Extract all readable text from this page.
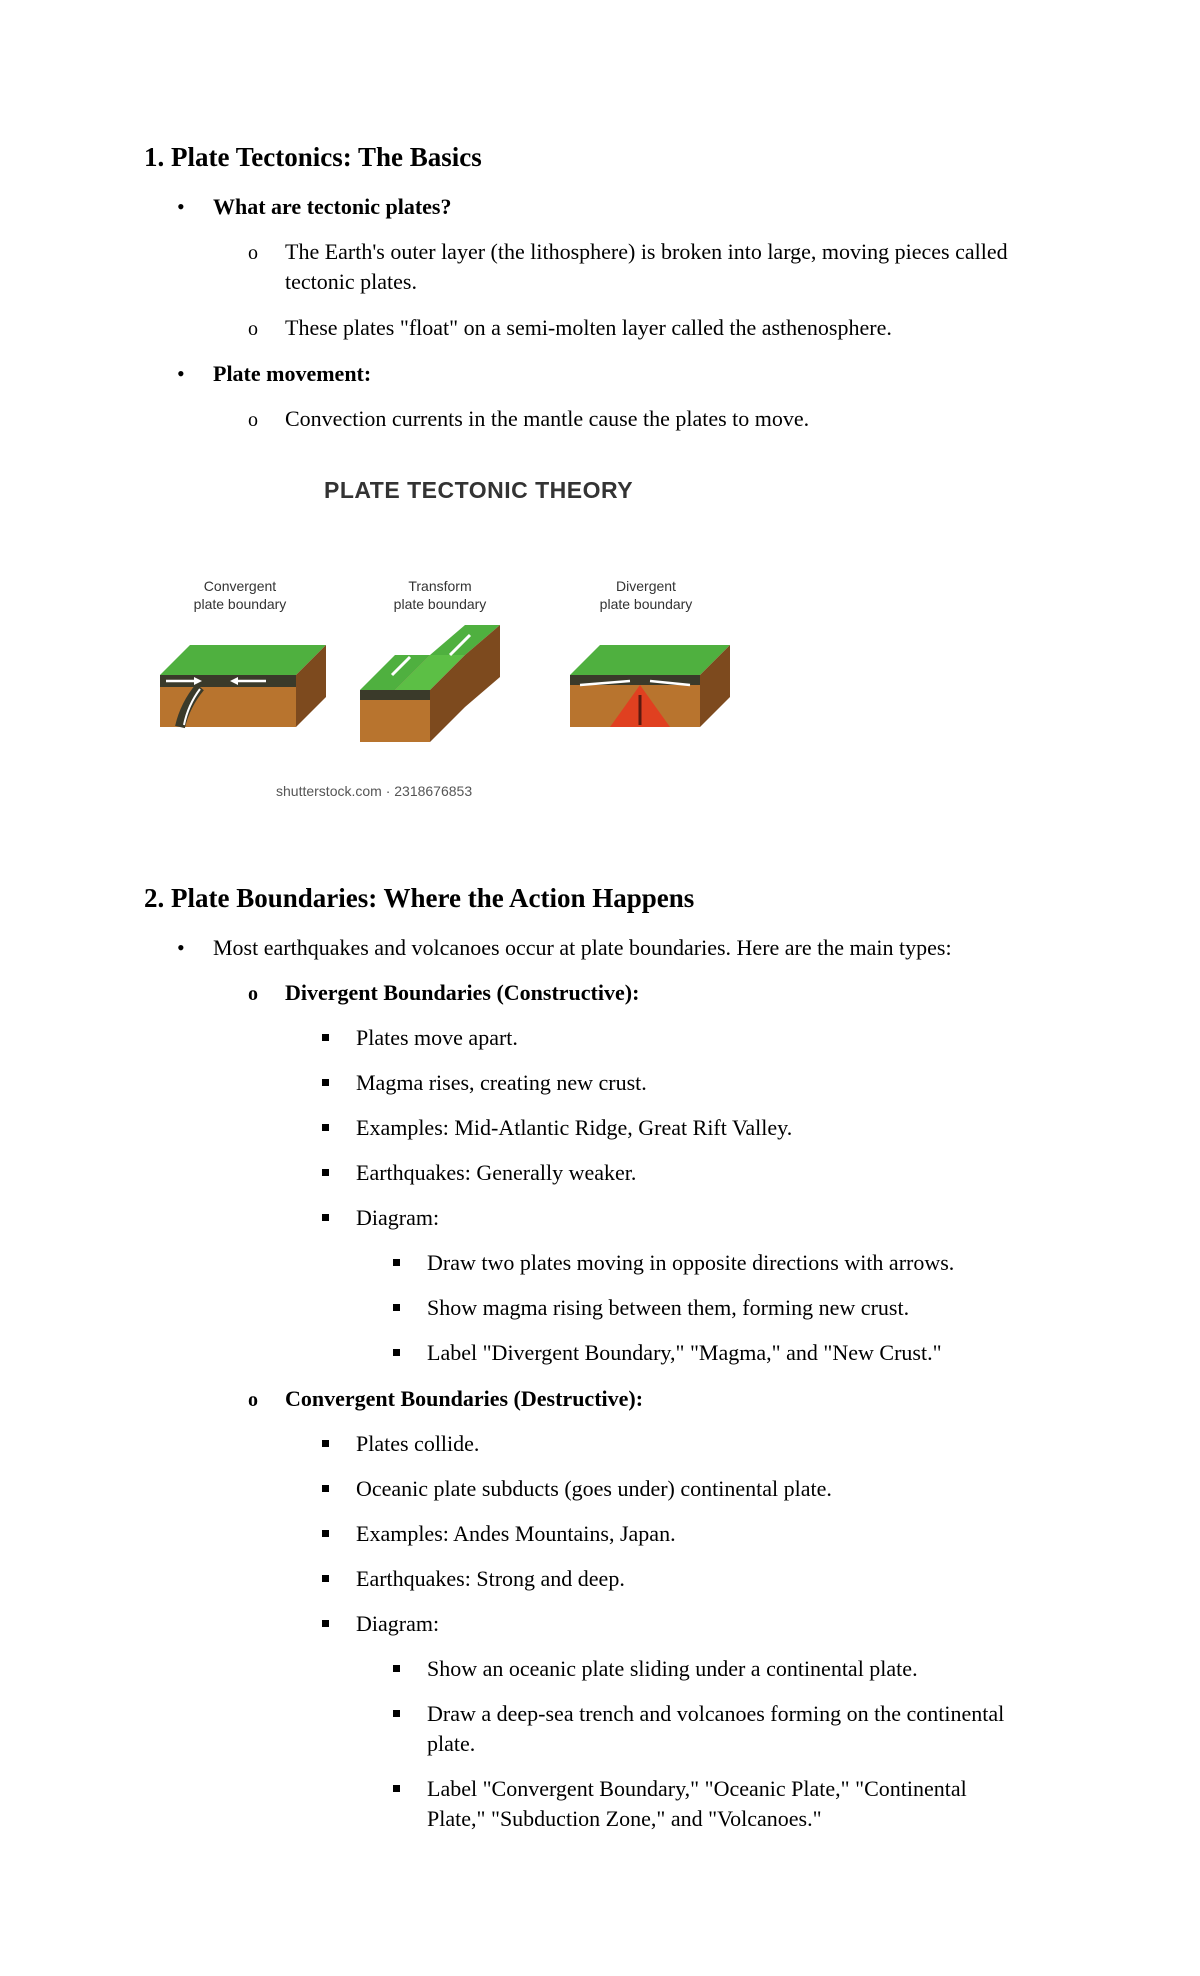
1. Plate Tectonics: The Basics
• What are tectonic plates?
o The Earth's outer layer (the lithosphere) is broken into large, moving pieces called
tectonic plates.
o These plates "float" on a semi-molten layer called the asthenosphere.
• Plate movement:
o Convection currents in the mantle cause the plates to move.
PLATE TECTONIC THEORY
Convergent
plate boundary
Transform
plate boundary
Divergent
plate boundary
shutterstock.com · 2318676853
2. Plate Boundaries: Where the Action Happens
• Most earthquakes and volcanoes occur at plate boundaries. Here are the main types:
o Divergent Boundaries (Constructive):
Plates move apart.
Magma rises, creating new crust.
Examples: Mid-Atlantic Ridge, Great Rift Valley.
Earthquakes: Generally weaker.
Diagram:
Draw two plates moving in opposite directions with arrows.
Show magma rising between them, forming new crust.
Label "Divergent Boundary," "Magma," and "New Crust."
o Convergent Boundaries (Destructive):
Plates collide.
Oceanic plate subducts (goes under) continental plate.
Examples: Andes Mountains, Japan.
Earthquakes: Strong and deep.
Diagram:
Show an oceanic plate sliding under a continental plate.
Draw a deep-sea trench and volcanoes forming on the continental
plate.
Label "Convergent Boundary," "Oceanic Plate," "Continental
Plate," "Subduction Zone," and "Volcanoes."
